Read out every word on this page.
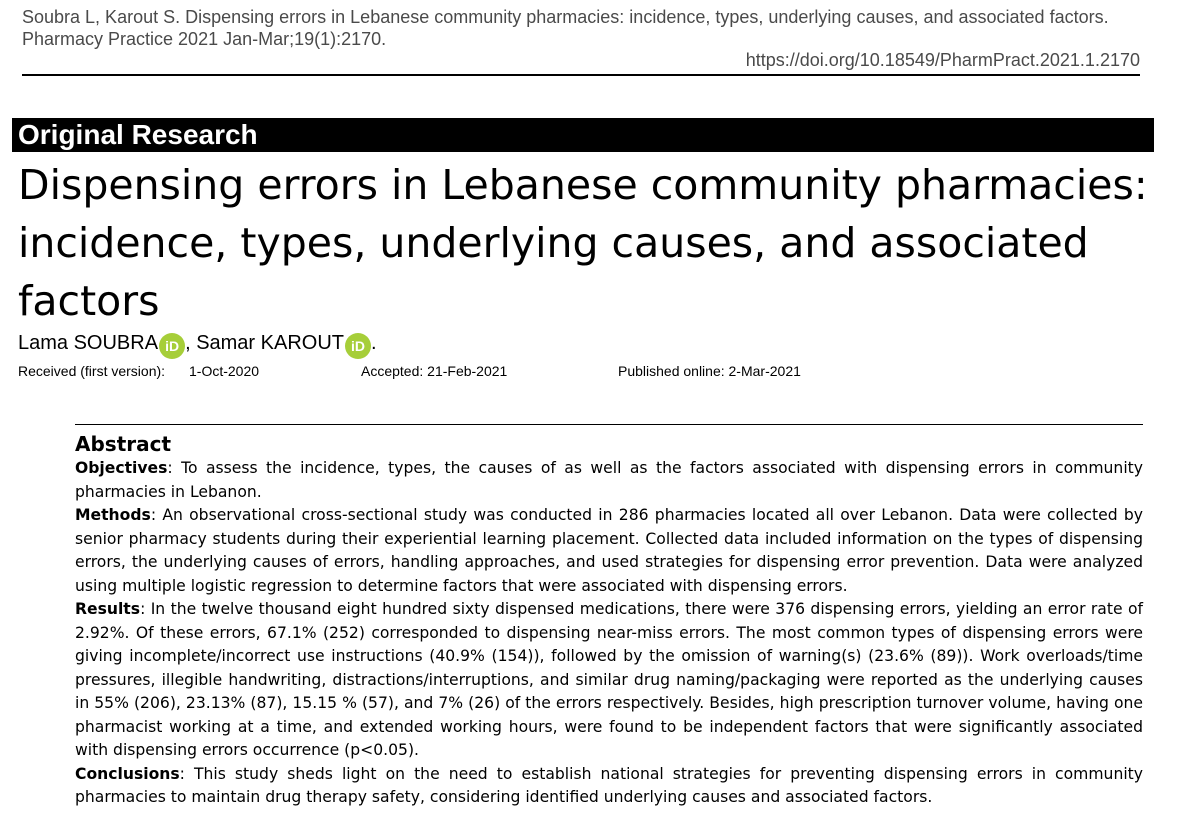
Soubra L, Karout S. Dispensing errors in Lebanese community pharmacies: incidence, types, underlying causes, and associated factors. Pharmacy Practice 2021 Jan-Mar;19(1):2170.
https://doi.org/10.18549/PharmPract.2021.1.2170
Original Research
Dispensing errors in Lebanese community pharmacies: incidence, types, underlying causes, and associated factors
Lama SOUBRA iD , Samar KAROUT iD .
Received (first version): 1-Oct-2020	Accepted: 21-Feb-2021	Published online: 2-Mar-2021
Abstract

Objectives: To assess the incidence, types, the causes of as well as the factors associated with dispensing errors in community pharmacies in Lebanon.

Methods: An observational cross-sectional study was conducted in 286 pharmacies located all over Lebanon. Data were collected by senior pharmacy students during their experiential learning placement. Collected data included information on the types of dispensing errors, the underlying causes of errors, handling approaches, and used strategies for dispensing error prevention. Data were analyzed using multiple logistic regression to determine factors that were associated with dispensing errors.

Results: In the twelve thousand eight hundred sixty dispensed medications, there were 376 dispensing errors, yielding an error rate of 2.92%. Of these errors, 67.1% (252) corresponded to dispensing near-miss errors. The most common types of dispensing errors were giving incomplete/incorrect use instructions (40.9% (154)), followed by the omission of warning(s) (23.6% (89)). Work overloads/time pressures, illegible handwriting, distractions/interruptions, and similar drug naming/packaging were reported as the underlying causes in 55% (206), 23.13% (87), 15.15 % (57), and 7% (26) of the errors respectively. Besides, high prescription turnover volume, having one pharmacist working at a time, and extended working hours, were found to be independent factors that were significantly associated with dispensing errors occurrence (p<0.05).

Conclusions: This study sheds light on the need to establish national strategies for preventing dispensing errors in community pharmacies to maintain drug therapy safety, considering identified underlying causes and associated factors.
